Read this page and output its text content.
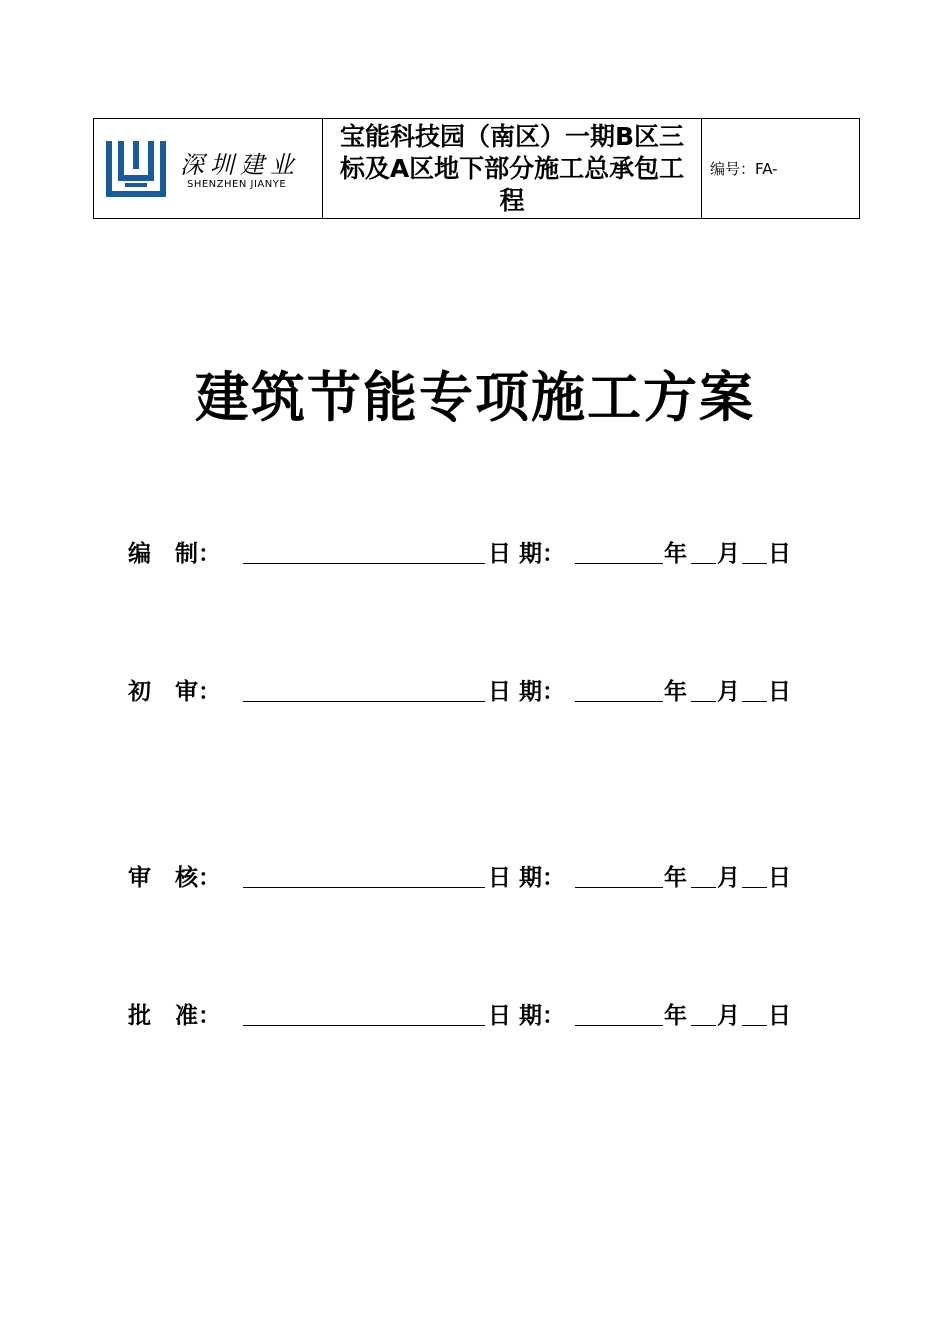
深圳建业
SHENZHEN JIANYE
宝能科技园（南区）一期B区三标及A区地下部分施工总承包工程
编号：FA-
建筑节能专项施工方案
编   制：	日 期：	年 月 日
初   审：	日 期：	年 月 日
审   核：	日 期：	年 月 日
批   准：	日 期：	年 月 日
